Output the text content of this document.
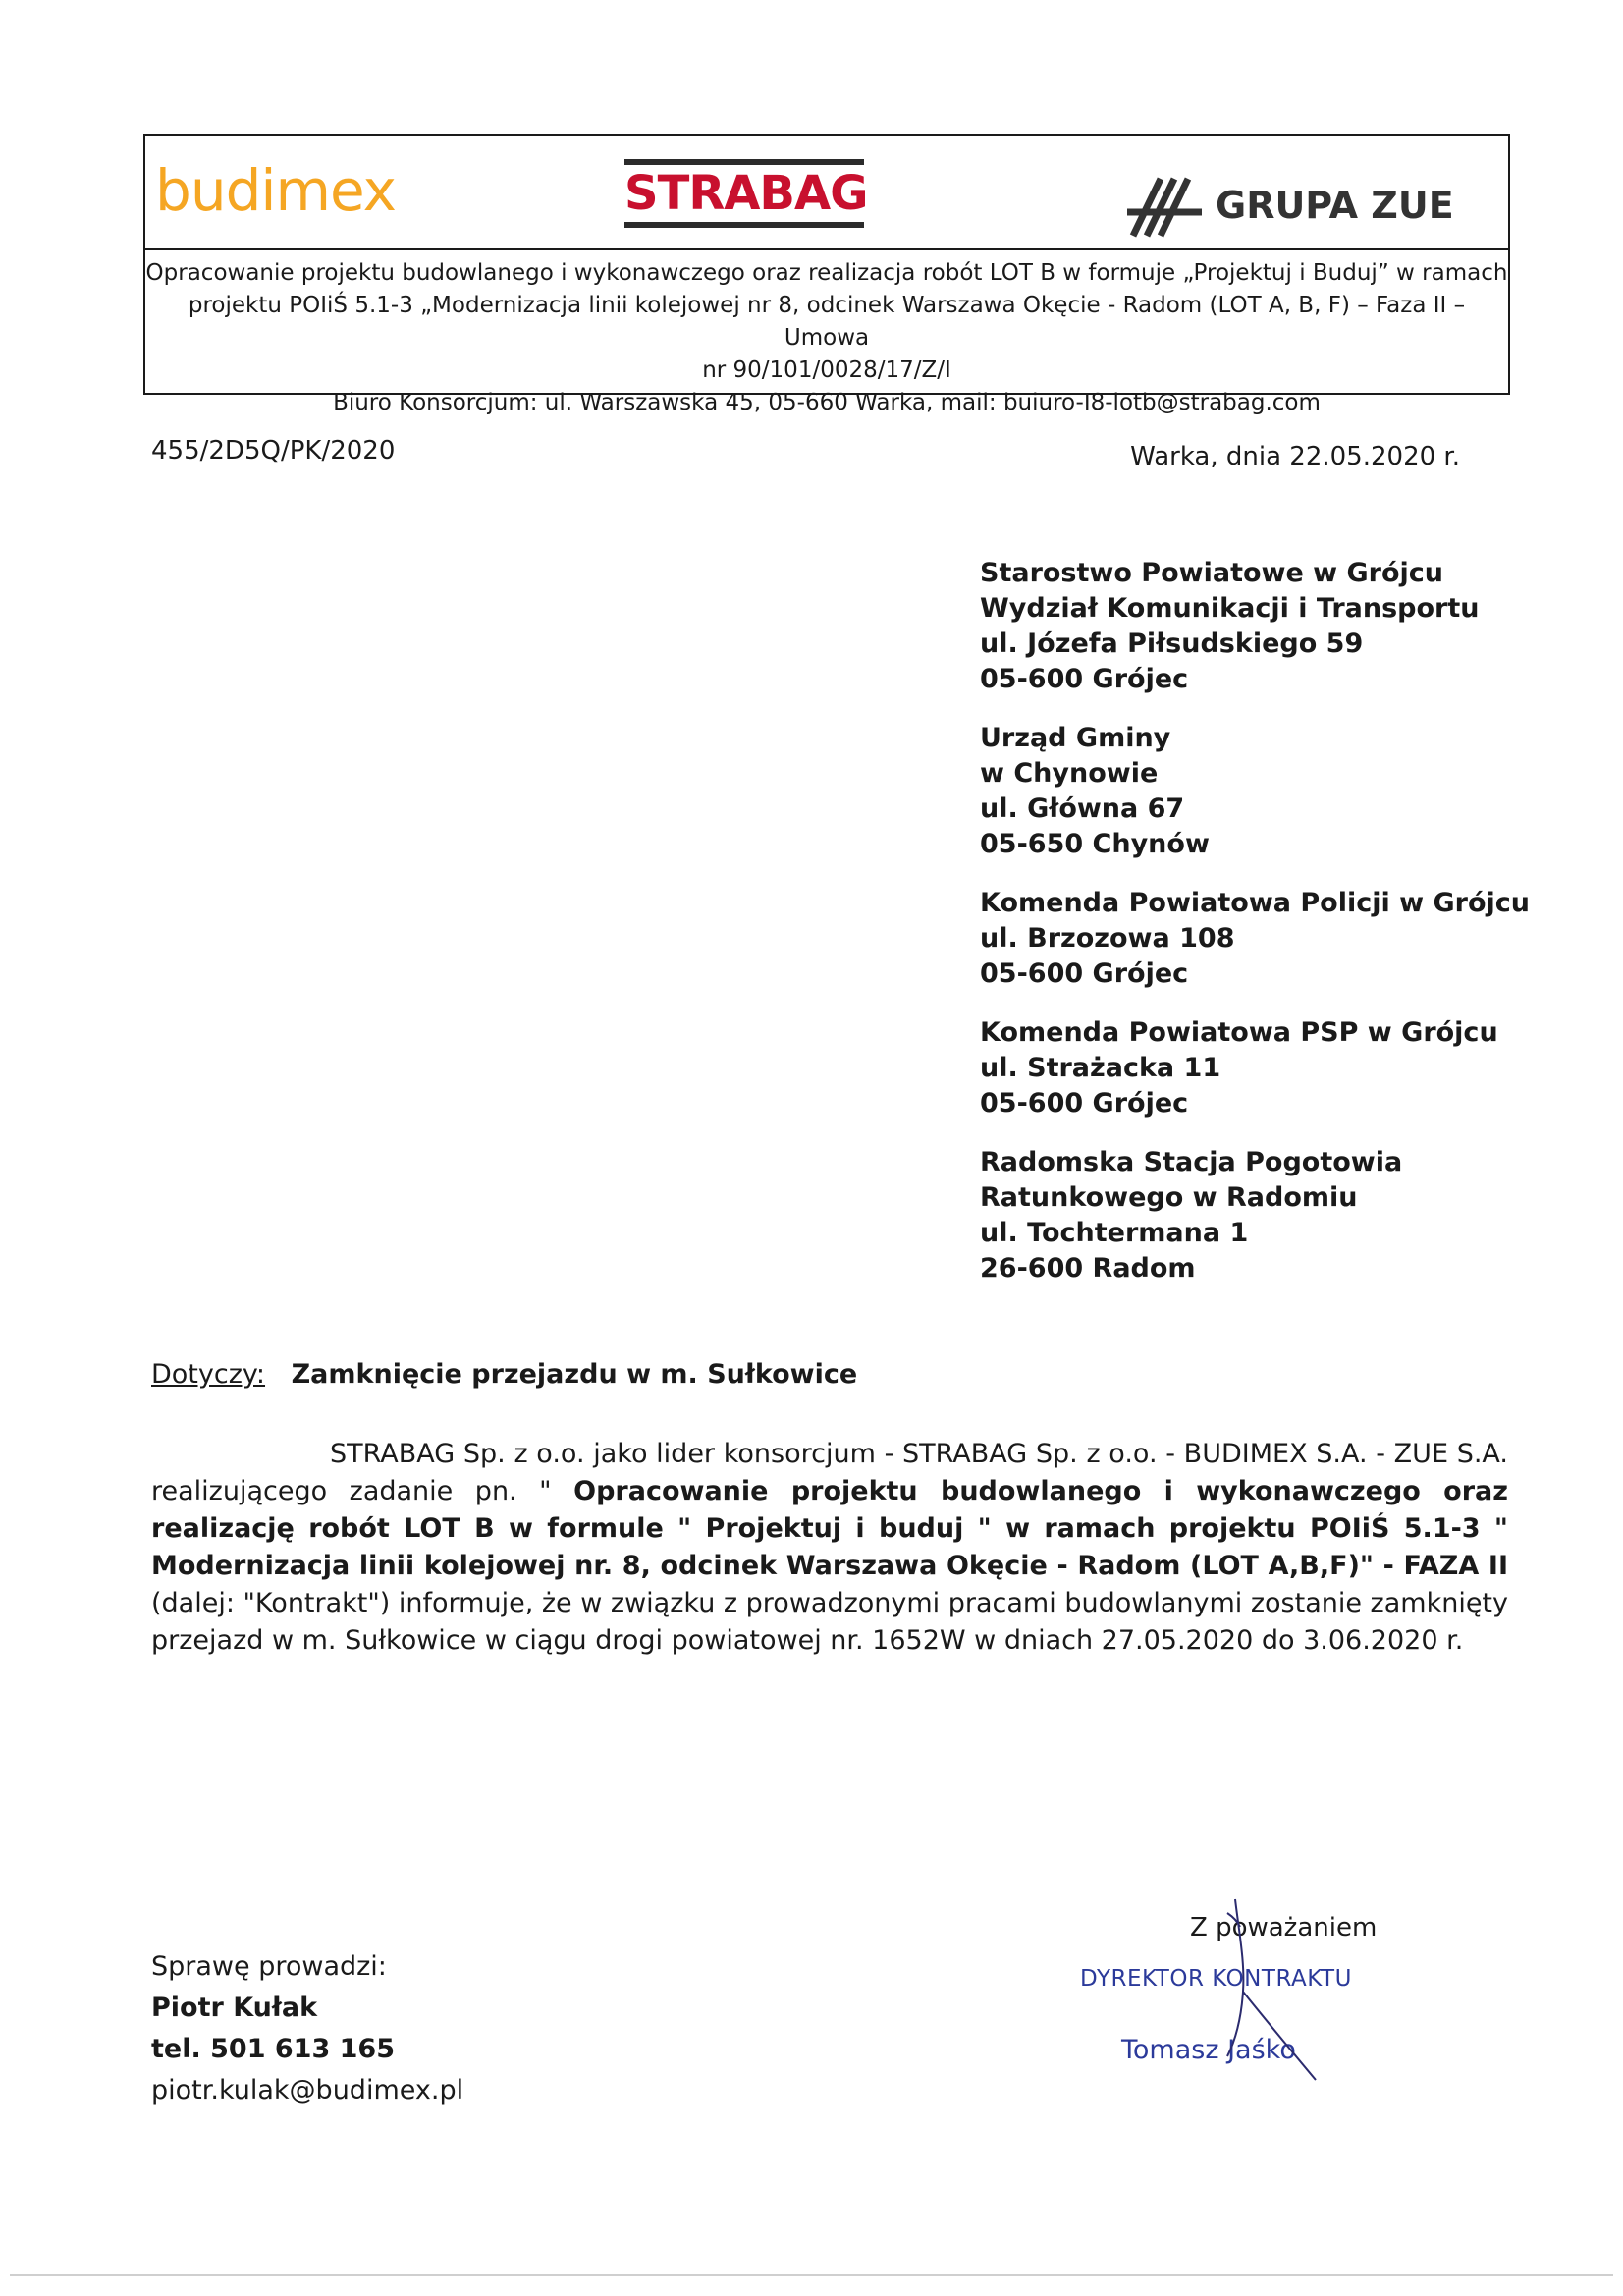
budimex	STRABAG	GRUPA ZUE
Opracowanie projektu budowlanego i wykonawczego oraz realizacja robót LOT B w formuje „Projektuj i Buduj” w ramach
projektu POIiŚ 5.1-3 „Modernizacja linii kolejowej nr 8, odcinek Warszawa Okęcie - Radom (LOT A, B, F) – Faza II – Umowa
nr 90/101/0028/17/Z/I
Biuro Konsorcjum: ul. Warszawska 45, 05-660 Warka, mail: buiuro-I8-lotb@strabag.com
455/2D5Q/PK/2020	Warka, dnia 22.05.2020 r.
Starostwo Powiatowe w Grójcu
Wydział Komunikacji i Transportu
ul. Józefa Piłsudskiego 59
05-600 Grójec
Urząd Gminy
w Chynowie
ul. Główna 67
05-650 Chynów
Komenda Powiatowa Policji w Grójcu
ul. Brzozowa 108
05-600 Grójec
Komenda Powiatowa PSP w Grójcu
ul. Strażacka 11
05-600 Grójec
Radomska Stacja Pogotowia
Ratunkowego w Radomiu
ul. Tochtermana 1
26-600 Radom
Dotyczy: Zamknięcie przejazdu w m. Sułkowice
STRABAG Sp. z o.o. jako lider konsorcjum - STRABAG Sp. z o.o. - BUDIMEX S.A. - ZUE S.A. realizującego zadanie pn. " Opracowanie projektu budowlanego i wykonawczego oraz realizację robót LOT B w formule " Projektuj i buduj " w ramach projektu POIiŚ 5.1-3 " Modernizacja linii kolejowej nr. 8, odcinek Warszawa Okęcie - Radom (LOT A,B,F)" - FAZA II (dalej: "Kontrakt") informuje, że w związku z prowadzonymi pracami budowlanymi zostanie zamknięty przejazd w m. Sułkowice w ciągu drogi powiatowej nr. 1652W w dniach 27.05.2020 do 3.06.2020 r.
Z poważaniem
DYREKTOR KONTRAKTU
Tomasz Jaśko
Sprawę prowadzi:
Piotr Kułak
tel. 501 613 165
piotr.kulak@budimex.pl
